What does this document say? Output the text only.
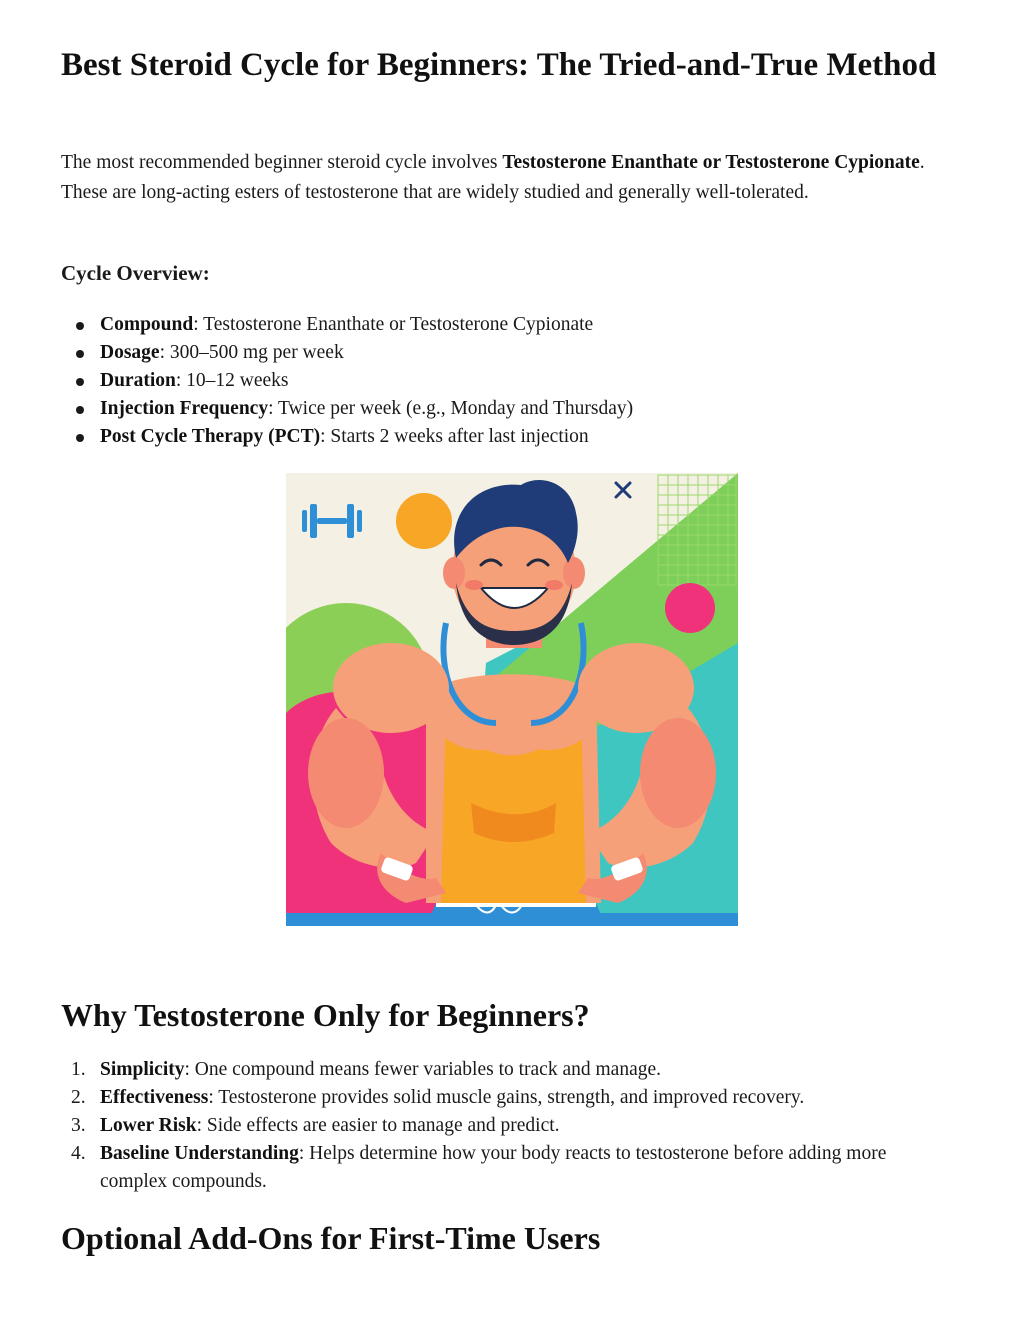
Best Steroid Cycle for Beginners: The Tried-and-True Method

The most recommended beginner steroid cycle involves Testosterone Enanthate or Testosterone Cypionate. These are long-acting esters of testosterone that are widely studied and generally well-tolerated.

Cycle Overview:
Compound: Testosterone Enanthate or Testosterone Cypionate
Dosage: 300–500 mg per week
Duration: 10–12 weeks
Injection Frequency: Twice per week (e.g., Monday and Thursday)
Post Cycle Therapy (PCT): Starts 2 weeks after last injection
Why Testosterone Only for Beginners?
1. Simplicity: One compound means fewer variables to track and manage.
2. Effectiveness: Testosterone provides solid muscle gains, strength, and improved recovery.
3. Lower Risk: Side effects are easier to manage and predict.
4. Baseline Understanding: Helps determine how your body reacts to testosterone before adding more complex compounds.
Optional Add-Ons for First-Time Users
